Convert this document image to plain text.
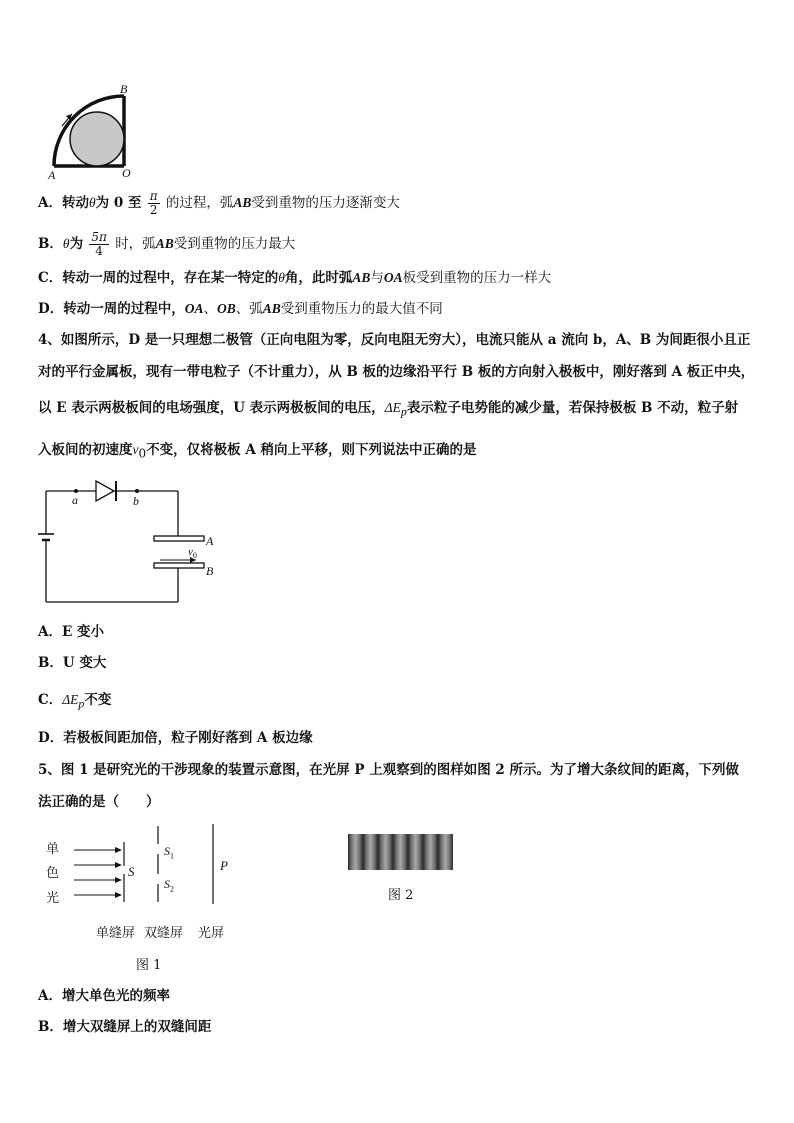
B
A	O
A．转动θ为 0 至 $\frac{\pi}{2}$ 的过程，弧AB受到重物的压力逐渐变大
B．θ为 $\frac{5\pi}{4}$ 时，弧AB受到重物的压力最大
C．转动一周的过程中，存在某一特定的θ角，此时弧AB与OA板受到重物的压力一样大
D．转动一周的过程中，OA、OB、弧AB受到重物压力的最大值不同
4、如图所示，D 是一只理想二极管（正向电阻为零，反向电阻无穷大），电流只能从 a 流向 b，A、B 为间距很小且正
对的平行金属板，现有一带电粒子（不计重力），从 B 板的边缘沿平行 B 板的方向射入极板中，刚好落到 A 板正中央，
以 E 表示两极板间的电场强度，U 表示两极板间的电压，$\Delta E_p$表示粒子电势能的减少量，若保持极板 B 不动，粒子射
入板间的初速度$v_0$不变，仅将极板 A 稍向上平移，则下列说法中正确的是
a	b
A
B
$v_0$
A．E 变小
B．U 变大
C．$\Delta E_p$不变
D．若极板间距加倍，粒子刚好落到 A 板边缘
5、图 1 是研究光的干涉现象的装置示意图，在光屏 P 上观察到的图样如图 2 所示。为了增大条纹间的距离，下列做
法正确的是（　　）
单
色
光
S
$S_1$
$S_2$
P
单缝屏 双缝屏 光屏
图 1
图 2
A．增大单色光的频率
B．增大双缝屏上的双缝间距
